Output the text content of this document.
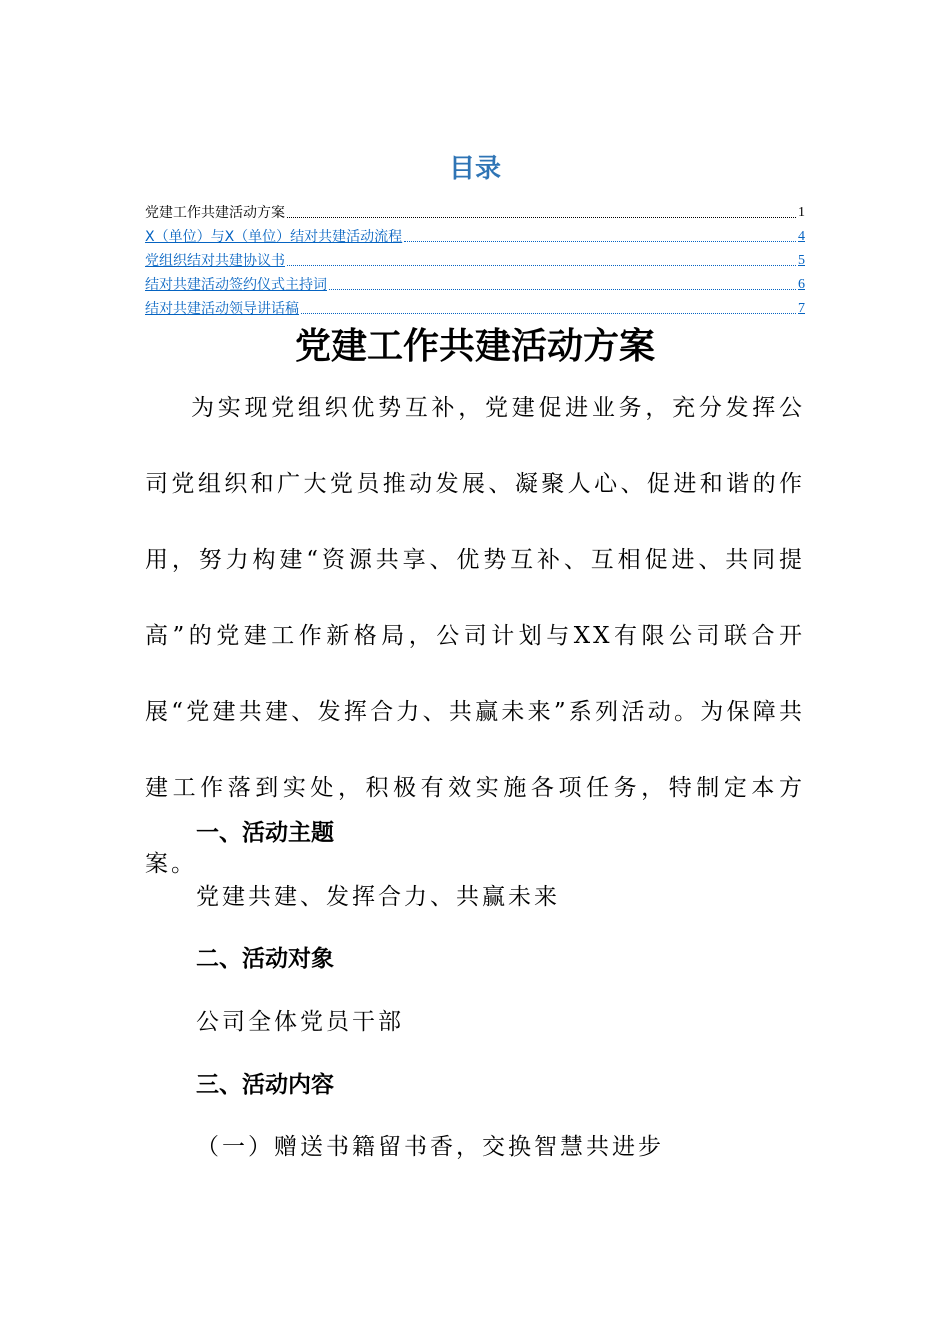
目录
党建工作共建活动方案	1
X（单位）与X（单位）结对共建活动流程	4
党组织结对共建协议书	5
结对共建活动签约仪式主持词	6
结对共建活动领导讲话稿	7
党建工作共建活动方案
为实现党组织优势互补，党建促进业务，充分发挥公司党组织和广大党员推动发展、凝聚人心、促进和谐的作用，努力构建“资源共享、优势互补、互相促进、共同提高”的党建工作新格局，公司计划与XX有限公司联合开展“党建共建、发挥合力、共赢未来”系列活动。为保障共建工作落到实处，积极有效实施各项任务，特制定本方案。
一、活动主题
党建共建、发挥合力、共赢未来
二、活动对象
公司全体党员干部
三、活动内容
（一）赠送书籍留书香，交换智慧共进步
